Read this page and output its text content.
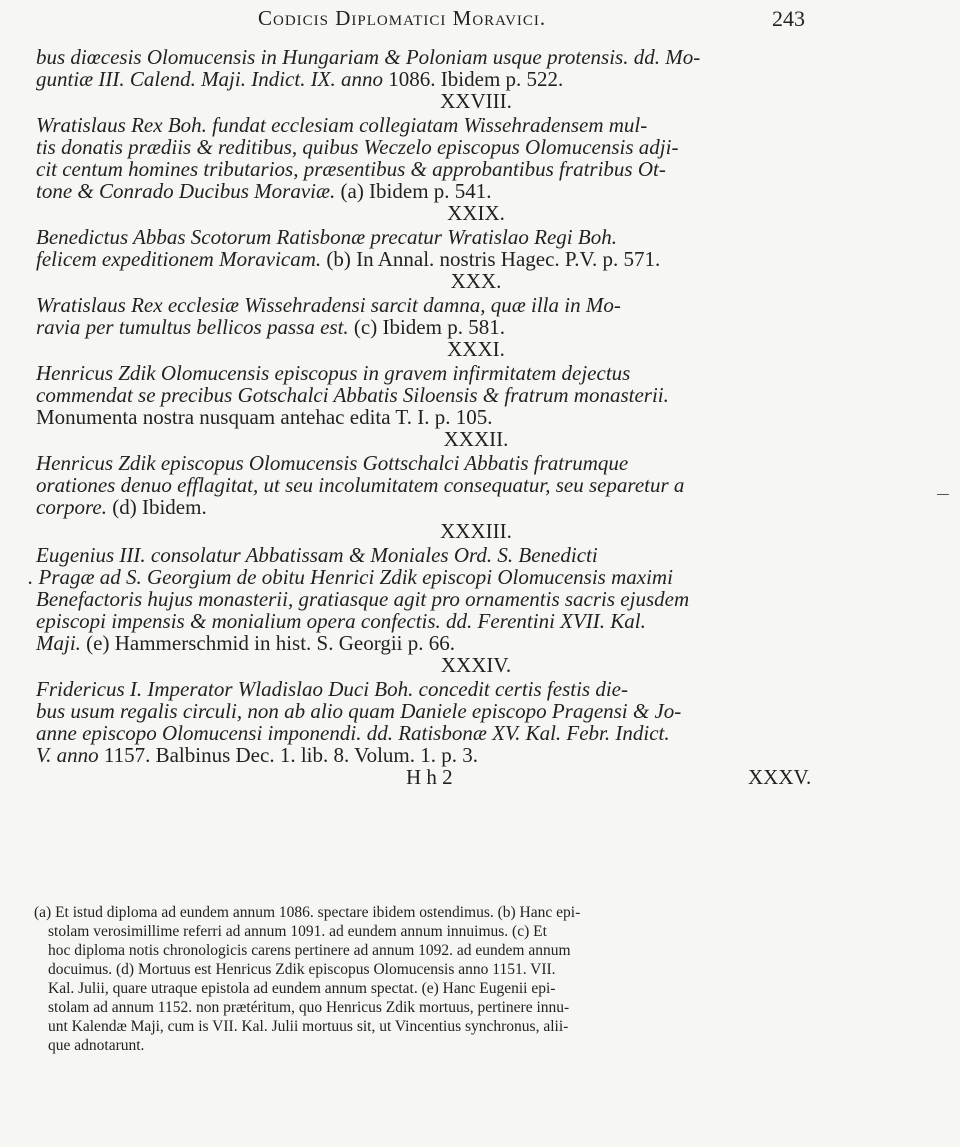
Codicis Diplomatici Moravici.	243
bus diœcesis Olomucensis in Hungariam & Poloniam usque protensis. dd. Mo-
guntiæ III. Calend. Maji. Indict. IX. anno 1086. Ibidem p. 522.
XXVIII.
Wratislaus Rex Boh. fundat ecclesiam collegiatam Wissehradensem mul-
tis donatis prædiis & reditibus, quibus Weczelo episcopus Olomucensis adji-
cit centum homines tributarios, præsentibus & approbantibus fratribus Ot-
tone & Conrado Ducibus Moraviæ. (a) Ibidem p. 541.
XXIX.
Benedictus Abbas Scotorum Ratisbonæ precatur Wratislao Regi Boh.
felicem expeditionem Moravicam. (b) In Annal. nostris Hagec. P.V. p. 571.
XXX.
Wratislaus Rex ecclesiæ Wissehradensi sarcit damna, quæ illa in Mo-
ravia per tumultus bellicos passa est. (c) Ibidem p. 581.
XXXI.
Henricus Zdik Olomucensis episcopus in gravem infirmitatem dejectus
commendat se precibus Gotschalci Abbatis Siloensis & fratrum monasterii.
Monumenta nostra nusquam antehac edita T. I. p. 105.
XXXII.
Henricus Zdik episcopus Olomucensis Gottschalci Abbatis fratrumque
orationes denuo efflagitat, ut seu incolumitatem consequatur, seu separetur a
corpore. (d) Ibidem.
XXXIII.
Eugenius III. consolatur Abbatissam & Moniales Ord. S. Benedicti
. Pragæ ad S. Georgium de obitu Henrici Zdik episcopi Olomucensis maximi
Benefactoris hujus monasterii, gratiasque agit pro ornamentis sacris ejusdem
episcopi impensis & monialium opera confectis. dd. Ferentini XVII. Kal.
Maji. (e) Hammerschmid in hist. S. Georgii p. 66.
XXXIV.
Fridericus I. Imperator Wladislao Duci Boh. concedit certis festis die-
bus usum regalis circuli, non ab alio quam Daniele episcopo Pragensi & Jo-
anne episcopo Olomucensi imponendi. dd. Ratisbonæ XV. Kal. Febr. Indict.
V. anno 1157. Balbinus Dec. 1. lib. 8. Volum. 1. p. 3.
H h 2	XXXV.
(a) Et istud diploma ad eundem annum 1086. spectare ibidem ostendimus. (b) Hanc epi-
stolam verosimillime referri ad annum 1091. ad eundem annum innuimus. (c) Et
hoc diploma notis chronologicis carens pertinere ad annum 1092. ad eundem annum
docuimus. (d) Mortuus est Henricus Zdik episcopus Olomucensis anno 1151. VII.
Kal. Julii, quare utraque epistola ad eundem annum spectat. (e) Hanc Eugenii epi-
stolam ad annum 1152. non prætéritum, quo Henricus Zdik mortuus, pertinere innu-
unt Kalendæ Maji, cum is VII. Kal. Julii mortuus sit, ut Vincentius synchronus, alii-
que adnotarunt.
